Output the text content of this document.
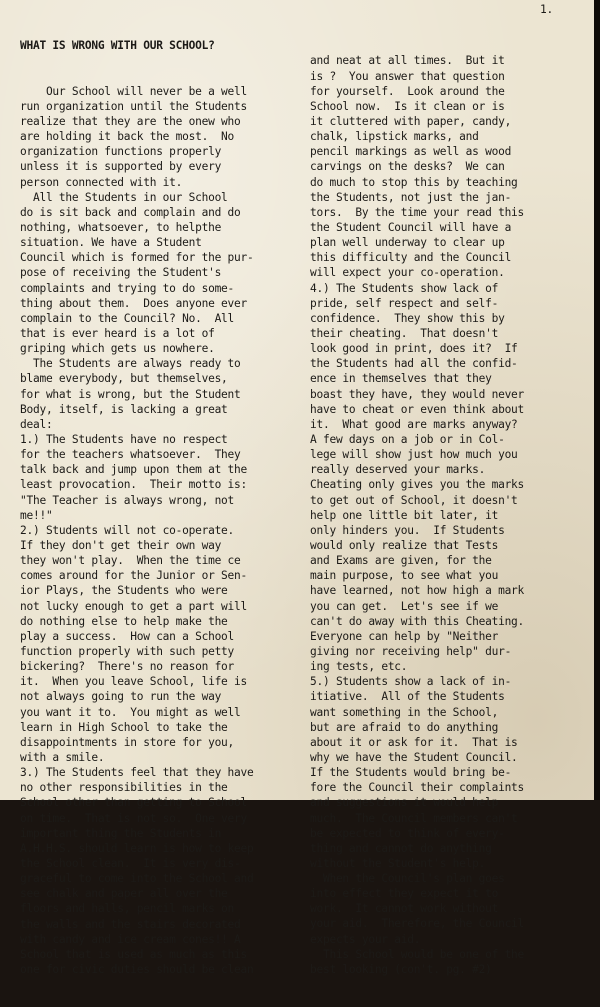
WHAT IS WRONG WITH OUR SCHOOL?

Our School will never be a well
run organization until the Students
realize that they are the onew who
are holding it back the most.  No
organization functions properly
unless it is supported by every
person connected with it.
All the Students in our School
do is sit back and complain and do
nothing, whatsoever, to helpthe
situation. We have a Student
Council which is formed for the pur-
pose of receiving the Student's
complaints and trying to do some-
thing about them.  Does anyone ever
complain to the Council? No.  All
that is ever heard is a lot of
griping which gets us nowhere.
The Students are always ready to
blame everybody, but themselves,
for what is wrong, but the Student
Body, itself, is lacking a great
deal:
1.) The Students have no respect
for the teachers whatsoever.  They
talk back and jump upon them at the
least provocation.  Their motto is:
"The Teacher is always wrong, not
me!!"
2.) Students will not co-operate.
If they don't get their own way
they won't play.  When the time ce
comes around for the Junior or Sen-
ior Plays, the Students who were
not lucky enough to get a part will
do nothing else to help make the
play a success.  How can a School
function properly with such petty
bickering?  There's no reason for
it.  When you leave School, life is
not always going to run the way
you want it to.  You might as well
learn in High School to take the
disappointments in store for you,
with a smile.
3.) The Students feel that they have
no other responsibilities in the
School other than getting to School
on time.  That is not so.  One very
important thing the Students in
A.H.H.S. should learn is how to keep
the School clean.  It is very dis-
graceful to come into the School and
see chalk and paper all over the
floors and halls, pencil marks on
the walls and the stairs decorated
with candy and ice cream cones!! A
School that is used as much as this
one for civic duties should be clean

1.

and neat at all times.  But it
is ?  You answer that question
for yourself.  Look around the
School now.  Is it clean or is
it cluttered with paper, candy,
chalk, lipstick marks, and
pencil markings as well as wood
carvings on the desks?  We can
do much to stop this by teaching
the Students, not just the jan-
tors.  By the time your read this
the Student Council will have a
plan well underway to clear up
this difficulty and the Council
will expect your co-operation.
4.) The Students show lack of
pride, self respect and self-
confidence.  They show this by
their cheating.  That doesn't
look good in print, does it?  If
the Students had all the confid-
ence in themselves that they
boast they have, they would never
have to cheat or even think about
it.  What good are marks anyway?
A few days on a job or in Col-
lege will show just how much you
really deserved your marks.
Cheating only gives you the marks
to get out of School, it doesn't
help one little bit later, it
only hinders you.  If Students
would only realize that Tests
and Exams are given, for the
main purpose, to see what you
have learned, not how high a mark
you can get.  Let's see if we
can't do away with this Cheating.
Everyone can help by "Neither
giving nor receiving help" dur-
ing tests, etc.
5.) Students show a lack of in-
itiative.  All of the Students
want something in the School,
but are afraid to do anything
about it or ask for it.  That is
why we have the Student Council.
If the Students would bring be-
fore the Council their complaints
and suggestions it would help
much.  The Council members can't
be expected to think of every-
thing and cannot do anything
without the Student's help.
When the Council's plan goes
into effect they expect it to
work.  It cannot work without
your aid.  Therefore, the Council
expects your aid.
This School would be one of the
best looking (con't. pg. #2)
